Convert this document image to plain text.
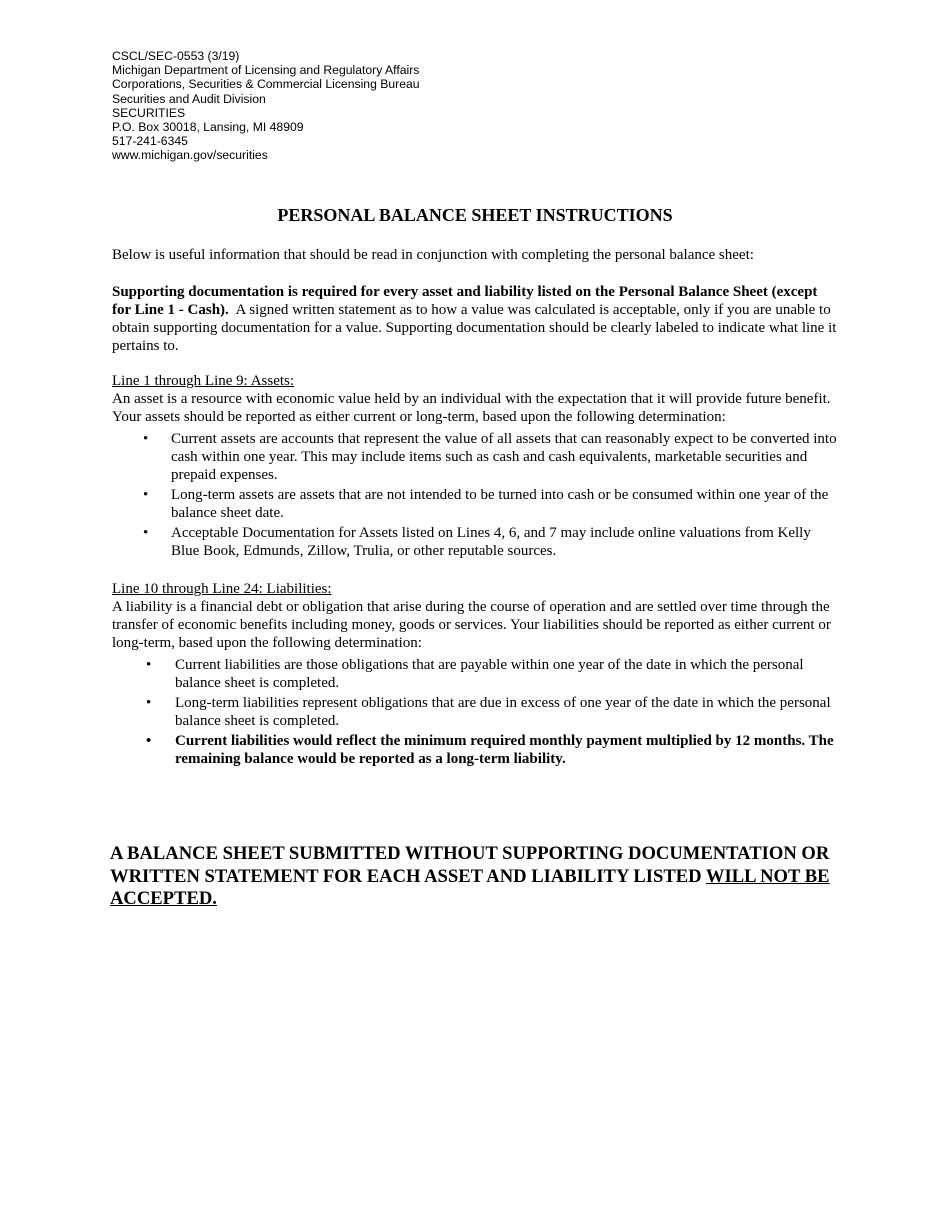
CSCL/SEC-0553 (3/19)
Michigan Department of Licensing and Regulatory Affairs
Corporations, Securities & Commercial Licensing Bureau
Securities and Audit Division
SECURITIES
P.O. Box 30018, Lansing, MI 48909
517-241-6345
www.michigan.gov/securities
PERSONAL BALANCE SHEET INSTRUCTIONS
Below is useful information that should be read in conjunction with completing the personal balance sheet:
Supporting documentation is required for every asset and liability listed on the Personal Balance Sheet (except for Line 1 - Cash). A signed written statement as to how a value was calculated is acceptable, only if you are unable to obtain supporting documentation for a value. Supporting documentation should be clearly labeled to indicate what line it pertains to.
Line 1 through Line 9: Assets:
An asset is a resource with economic value held by an individual with the expectation that it will provide future benefit. Your assets should be reported as either current or long-term, based upon the following determination:
• Current assets are accounts that represent the value of all assets that can reasonably expect to be converted into cash within one year. This may include items such as cash and cash equivalents, marketable securities and prepaid expenses.
• Long-term assets are assets that are not intended to be turned into cash or be consumed within one year of the balance sheet date.
• Acceptable Documentation for Assets listed on Lines 4, 6, and 7 may include online valuations from Kelly Blue Book, Edmunds, Zillow, Trulia, or other reputable sources.
Line 10 through Line 24: Liabilities:
A liability is a financial debt or obligation that arise during the course of operation and are settled over time through the transfer of economic benefits including money, goods or services. Your liabilities should be reported as either current or long-term, based upon the following determination:
• Current liabilities are those obligations that are payable within one year of the date in which the personal balance sheet is completed.
• Long-term liabilities represent obligations that are due in excess of one year of the date in which the personal balance sheet is completed.
• Current liabilities would reflect the minimum required monthly payment multiplied by 12 months. The remaining balance would be reported as a long-term liability.
A BALANCE SHEET SUBMITTED WITHOUT SUPPORTING DOCUMENTATION OR WRITTEN STATEMENT FOR EACH ASSET AND LIABILITY LISTED WILL NOT BE ACCEPTED.
